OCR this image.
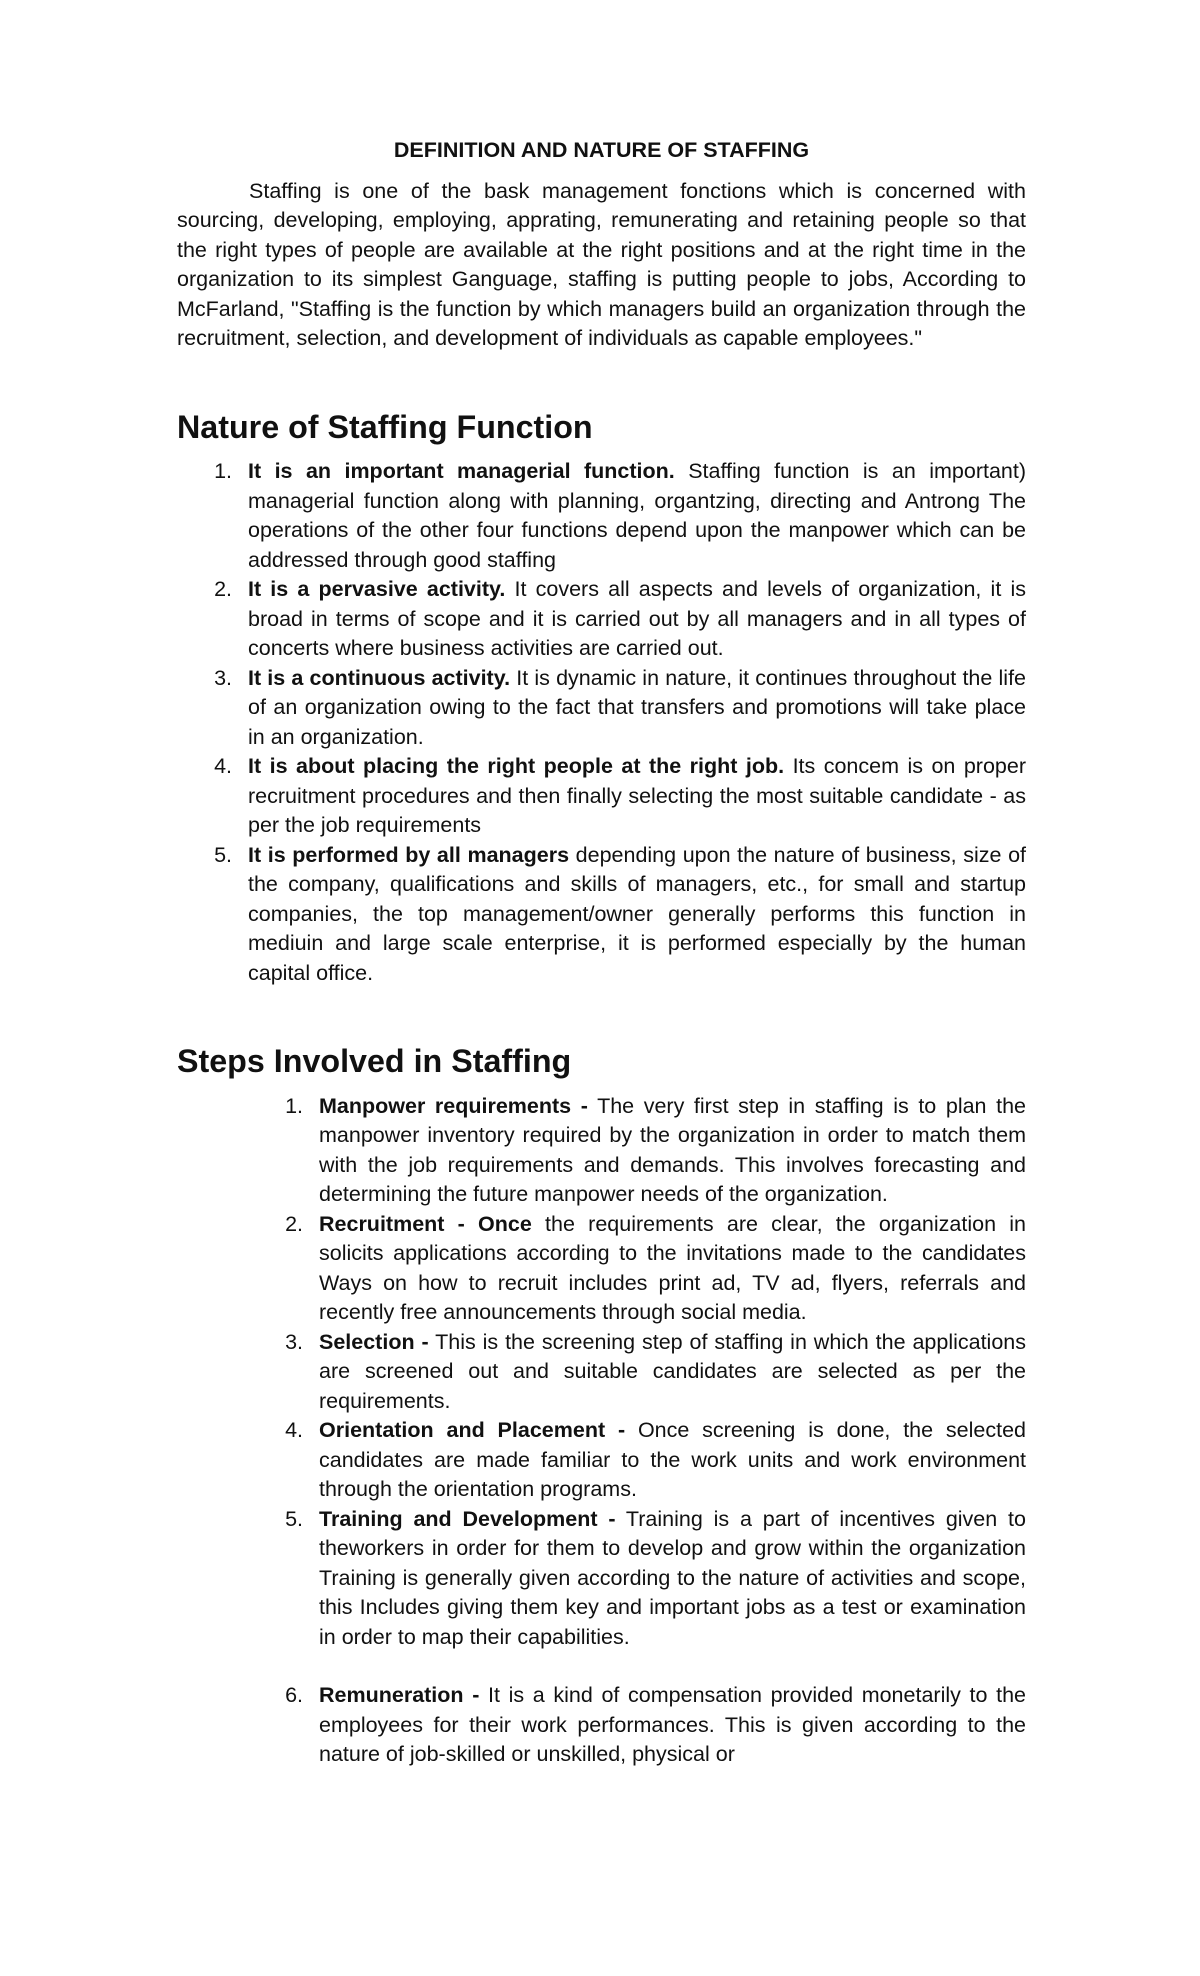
DEFINITION AND NATURE OF STAFFING

Staffing is one of the bask management fonctions which is concerned with sourcing, developing, employing, apprating, remunerating and retaining people so that the right types of people are available at the right positions and at the right time in the organization to its simplest Ganguage, staffing is putting people to jobs, According to McFarland, "Staffing is the function by which managers build an organization through the recruitment, selection, and development of individuals as capable employees."

Nature of Staffing Function
1. It is an important managerial function. Staffing function is an important) managerial function along with planning, organtzing, directing and Antrong The operations of the other four functions depend upon the manpower which can be addressed through good staffing
2. It is a pervasive activity. It covers all aspects and levels of organization, it is broad in terms of scope and it is carried out by all managers and in all types of concerts where business activities are carried out.
3. It is a continuous activity. It is dynamic in nature, it continues throughout the life of an organization owing to the fact that transfers and promotions will take place in an organization.
4. It is about placing the right people at the right job. Its concem is on proper recruitment procedures and then finally selecting the most suitable candidate - as per the job requirements
5. It is performed by all managers depending upon the nature of business, size of the company, qualifications and skills of managers, etc., for small and startup companies, the top management/owner generally performs this function in mediuin and large scale enterprise, it is performed especially by the human capital office.
Steps Involved in Staffing
1. Manpower requirements - The very first step in staffing is to plan the manpower inventory required by the organization in order to match them with the job requirements and demands. This involves forecasting and determining the future manpower needs of the organization.
2. Recruitment - Once the requirements are clear, the organization in solicits applications according to the invitations made to the candidates Ways on how to recruit includes print ad, TV ad, flyers, referrals and recently free announcements through social media.
3. Selection - This is the screening step of staffing in which the applications are screened out and suitable candidates are selected as per the requirements.
4. Orientation and Placement - Once screening is done, the selected candidates are made familiar to the work units and work environment through the orientation programs.
5. Training and Development - Training is a part of incentives given to theworkers in order for them to develop and grow within the organization Training is generally given according to the nature of activities and scope, this Includes giving them key and important jobs as a test or examination in order to map their capabilities.
6. Remuneration - It is a kind of compensation provided monetarily to the employees for their work performances. This is given according to the nature of job-skilled or unskilled, physical or
